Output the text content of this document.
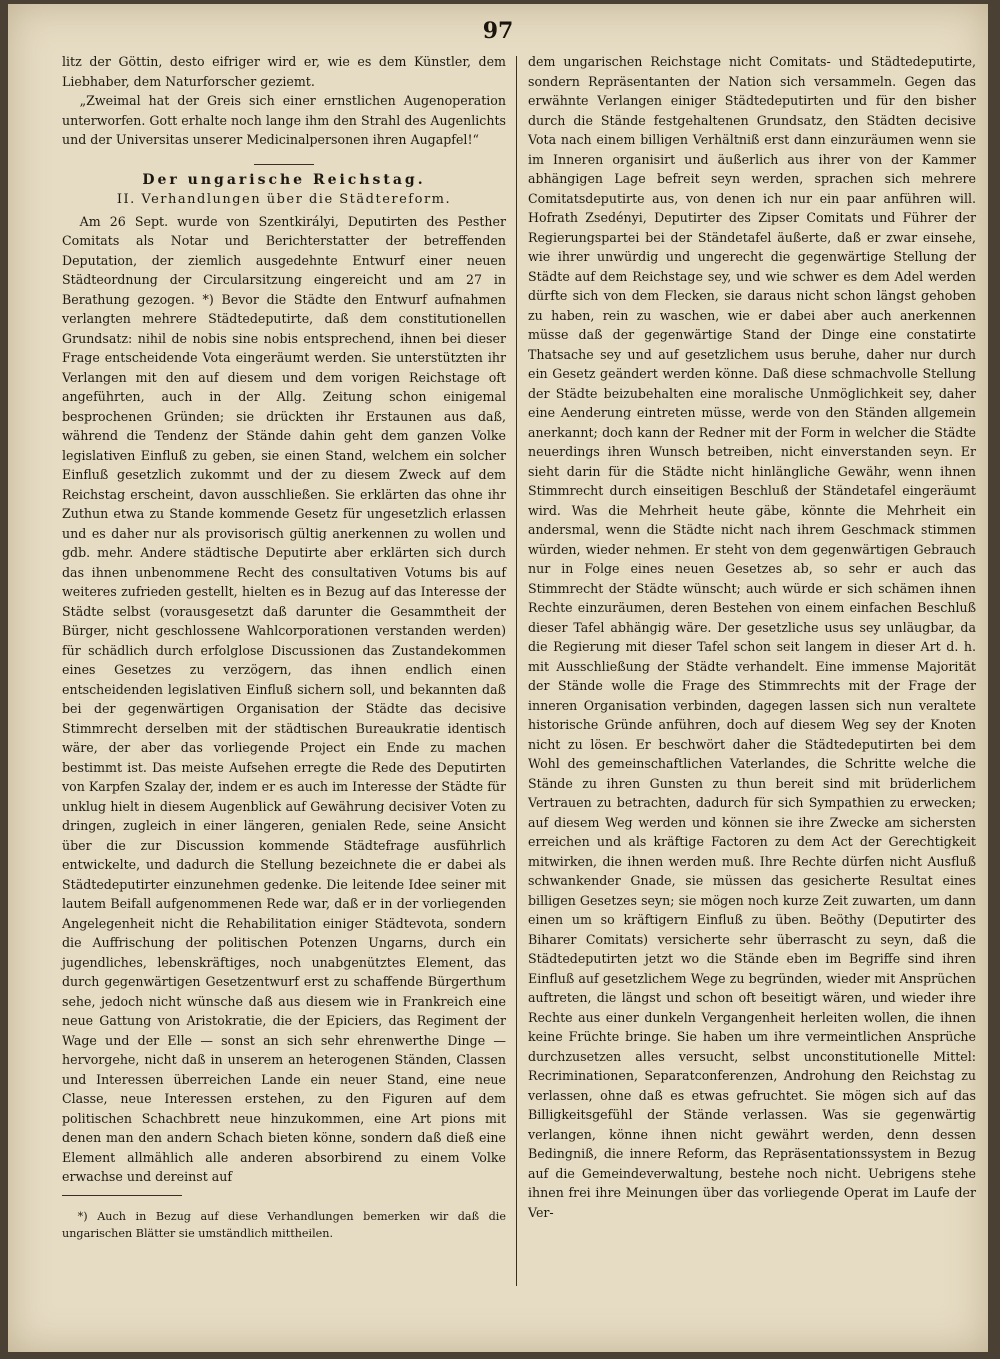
97

litz der Göttin, desto eifriger wird er, wie es dem Künstler, dem Liebhaber, dem Naturforscher geziemt.

„Zweimal hat der Greis sich einer ernstlichen Augenoperation unterworfen. Gott erhalte noch lange ihm den Strahl des Augenlichts und der Universitas unserer Medicinalpersonen ihren Augapfel!“

Der ungarische Reichstag.

II. Verhandlungen über die Städtereform.

Am 26 Sept. wurde von Szentkirályi, Deputirten des Pesther Comitats als Notar und Berichterstatter der betreffenden Deputation, der ziemlich ausgedehnte Entwurf einer neuen Städteordnung der Circularsitzung eingereicht und am 27 in Berathung gezogen. *) Bevor die Städte den Entwurf aufnahmen verlangten mehrere Städtedeputirte, daß dem constitutionellen Grundsatz: nihil de nobis sine nobis entsprechend, ihnen bei dieser Frage entscheidende Vota eingeräumt werden. Sie unterstützten ihr Verlangen mit den auf diesem und dem vorigen Reichstage oft angeführten, auch in der Allg. Zeitung schon einigemal besprochenen Gründen; sie drückten ihr Erstaunen aus daß, während die Tendenz der Stände dahin geht dem ganzen Volke legislativen Einfluß zu geben, sie einen Stand, welchem ein solcher Einfluß gesetzlich zukommt und der zu diesem Zweck auf dem Reichstag erscheint, davon ausschließen. Sie erklärten das ohne ihr Zuthun etwa zu Stande kommende Gesetz für ungesetzlich erlassen und es daher nur als provisorisch gültig anerkennen zu wollen und gdb. mehr. Andere städtische Deputirte aber erklärten sich durch das ihnen unbenommene Recht des consultativen Votums bis auf weiteres zufrieden gestellt, hielten es in Bezug auf das Interesse der Städte selbst (vorausgesetzt daß darunter die Gesammtheit der Bürger, nicht geschlossene Wahlcorporationen verstanden werden) für schädlich durch erfolglose Discussionen das Zustandekommen eines Gesetzes zu verzögern, das ihnen endlich einen entscheidenden legislativen Einfluß sichern soll, und bekannten daß bei der gegenwärtigen Organisation der Städte das decisive Stimmrecht derselben mit der städtischen Bureaukratie identisch wäre, der aber das vorliegende Project ein Ende zu machen bestimmt ist. Das meiste Aufsehen erregte die Rede des Deputirten von Karpfen Szalay der, indem er es auch im Interesse der Städte für unklug hielt in diesem Augenblick auf Gewährung decisiver Voten zu dringen, zugleich in einer längeren, genialen Rede, seine Ansicht über die zur Discussion kommende Städtefrage ausführlich entwickelte, und dadurch die Stellung bezeichnete die er dabei als Städtedeputirter einzunehmen gedenke. Die leitende Idee seiner mit lautem Beifall aufgenommenen Rede war, daß er in der vorliegenden Angelegenheit nicht die Rehabilitation einiger Städtevota, sondern die Auffrischung der politischen Potenzen Ungarns, durch ein jugendliches, lebenskräftiges, noch unabgenütztes Element, das durch gegenwärtigen Gesetzentwurf erst zu schaffende Bürgerthum sehe, jedoch nicht wünsche daß aus diesem wie in Frankreich eine neue Gattung von Aristokratie, die der Epiciers, das Regiment der Wage und der Elle — sonst an sich sehr ehrenwerthe Dinge — hervorgehe, nicht daß in unserem an heterogenen Ständen, Classen und Interessen überreichen Lande ein neuer Stand, eine neue Classe, neue Interessen erstehen, zu den Figuren auf dem politischen Schachbrett neue hinzukommen, eine Art pions mit denen man den andern Schach bieten könne, sondern daß dieß eine Element allmählich alle anderen absorbirend zu einem Volke erwachse und dereinst auf

*) Auch in Bezug auf diese Verhandlungen bemerken wir daß die ungarischen Blätter sie umständlich mittheilen.

dem ungarischen Reichstage nicht Comitats- und Städtedeputirte, sondern Repräsentanten der Nation sich versammeln. Gegen das erwähnte Verlangen einiger Städtedeputirten und für den bisher durch die Stände festgehaltenen Grundsatz, den Städten decisive Vota nach einem billigen Verhältniß erst dann einzuräumen wenn sie im Inneren organisirt und äußerlich aus ihrer von der Kammer abhängigen Lage befreit seyn werden, sprachen sich mehrere Comitatsdeputirte aus, von denen ich nur ein paar anführen will. Hofrath Zsedényi, Deputirter des Zipser Comitats und Führer der Regierungspartei bei der Ständetafel äußerte, daß er zwar einsehe, wie ihrer unwürdig und ungerecht die gegenwärtige Stellung der Städte auf dem Reichstage sey, und wie schwer es dem Adel werden dürfte sich von dem Flecken, sie daraus nicht schon längst gehoben zu haben, rein zu waschen, wie er dabei aber auch anerkennen müsse daß der gegenwärtige Stand der Dinge eine constatirte Thatsache sey und auf gesetzlichem usus beruhe, daher nur durch ein Gesetz geändert werden könne. Daß diese schmachvolle Stellung der Städte beizubehalten eine moralische Unmöglichkeit sey, daher eine Aenderung eintreten müsse, werde von den Ständen allgemein anerkannt; doch kann der Redner mit der Form in welcher die Städte neuerdings ihren Wunsch betreiben, nicht einverstanden seyn. Er sieht darin für die Städte nicht hinlängliche Gewähr, wenn ihnen Stimmrecht durch einseitigen Beschluß der Ständetafel eingeräumt wird. Was die Mehrheit heute gäbe, könnte die Mehrheit ein andersmal, wenn die Städte nicht nach ihrem Geschmack stimmen würden, wieder nehmen. Er steht von dem gegenwärtigen Gebrauch nur in Folge eines neuen Gesetzes ab, so sehr er auch das Stimmrecht der Städte wünscht; auch würde er sich schämen ihnen Rechte einzuräumen, deren Bestehen von einem einfachen Beschluß dieser Tafel abhängig wäre. Der gesetzliche usus sey unläugbar, da die Regierung mit dieser Tafel schon seit langem in dieser Art d. h. mit Ausschließung der Städte verhandelt. Eine immense Majorität der Stände wolle die Frage des Stimmrechts mit der Frage der inneren Organisation verbinden, dagegen lassen sich nun veraltete historische Gründe anführen, doch auf diesem Weg sey der Knoten nicht zu lösen. Er beschwört daher die Städtedeputirten bei dem Wohl des gemeinschaftlichen Vaterlandes, die Schritte welche die Stände zu ihren Gunsten zu thun bereit sind mit brüderlichem Vertrauen zu betrachten, dadurch für sich Sympathien zu erwecken; auf diesem Weg werden und können sie ihre Zwecke am sichersten erreichen und als kräftige Factoren zu dem Act der Gerechtigkeit mitwirken, die ihnen werden muß. Ihre Rechte dürfen nicht Ausfluß schwankender Gnade, sie müssen das gesicherte Resultat eines billigen Gesetzes seyn; sie mögen noch kurze Zeit zuwarten, um dann einen um so kräftigern Einfluß zu üben. Beöthy (Deputirter des Biharer Comitats) versicherte sehr überrascht zu seyn, daß die Städtedeputirten jetzt wo die Stände eben im Begriffe sind ihren Einfluß auf gesetzlichem Wege zu begründen, wieder mit Ansprüchen auftreten, die längst und schon oft beseitigt wären, und wieder ihre Rechte aus einer dunkeln Vergangenheit herleiten wollen, die ihnen keine Früchte bringe. Sie haben um ihre vermeintlichen Ansprüche durchzusetzen alles versucht, selbst unconstitutionelle Mittel: Recriminationen, Separatconferenzen, Androhung den Reichstag zu verlassen, ohne daß es etwas gefruchtet. Sie mögen sich auf das Billigkeitsgefühl der Stände verlassen. Was sie gegenwärtig verlangen, könne ihnen nicht gewährt werden, denn dessen Bedingniß, die innere Reform, das Repräsentationssystem in Bezug auf die Gemeindeverwaltung, bestehe noch nicht. Uebrigens stehe ihnen frei ihre Meinungen über das vorliegende Operat im Laufe der Ver-
